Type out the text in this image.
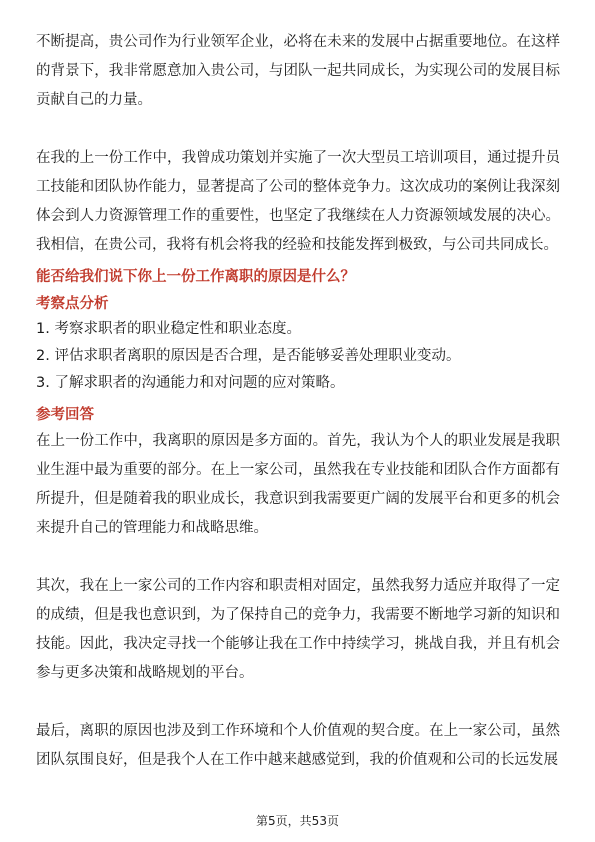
不断提高，贵公司作为行业领军企业，必将在未来的发展中占据重要地位。在这样的背景下，我非常愿意加入贵公司，与团队一起共同成长，为实现公司的发展目标贡献自己的力量。

在我的上一份工作中，我曾成功策划并实施了一次大型员工培训项目，通过提升员工技能和团队协作能力，显著提高了公司的整体竞争力。这次成功的案例让我深刻体会到人力资源管理工作的重要性，也坚定了我继续在人力资源领域发展的决心。我相信，在贵公司，我将有机会将我的经验和技能发挥到极致，与公司共同成长。

能否给我们说下你上一份工作离职的原因是什么？
考察点分析
1. 考察求职者的职业稳定性和职业态度。
2. 评估求职者离职的原因是否合理，是否能够妥善处理职业变动。
3. 了解求职者的沟通能力和对问题的应对策略。
参考回答

在上一份工作中，我离职的原因是多方面的。首先，我认为个人的职业发展是我职业生涯中最为重要的部分。在上一家公司，虽然我在专业技能和团队合作方面都有所提升，但是随着我的职业成长，我意识到我需要更广阔的发展平台和更多的机会来提升自己的管理能力和战略思维。

其次，我在上一家公司的工作内容和职责相对固定，虽然我努力适应并取得了一定的成绩，但是我也意识到，为了保持自己的竞争力，我需要不断地学习新的知识和技能。因此，我决定寻找一个能够让我在工作中持续学习，挑战自我，并且有机会参与更多决策和战略规划的平台。

最后，离职的原因也涉及到工作环境和个人价值观的契合度。在上一家公司，虽然团队氛围良好，但是我个人在工作中越来越感觉到，我的价值观和公司的长远发展

第5页，共53页
